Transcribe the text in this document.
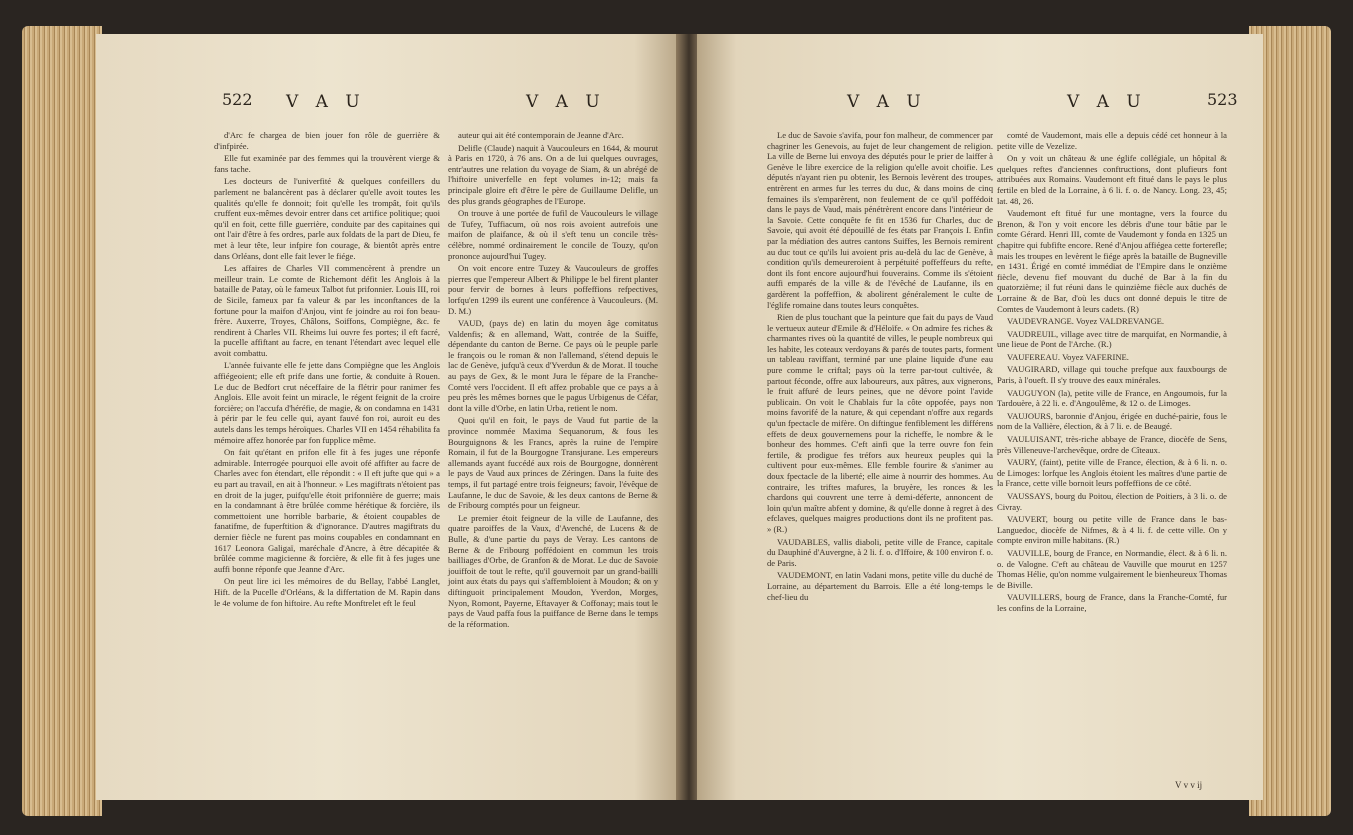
522 V A U	V A U

d'Arc fe chargea de bien jouer fon rôle de guerrière & d'infpirée.

Elle fut examinée par des femmes qui la trouvèrent vierge & fans tache.

Les docteurs de l'univerfité & quelques confeillers du parlement ne balancèrent pas à déclarer qu'elle avoit toutes les qualités qu'elle fe donnoit; foit qu'elle les trompât, foit qu'ils cruffent eux-mêmes devoir entrer dans cet artifice politique; quoi qu'il en foit, cette fille guerrière, conduite par des capitaines qui ont l'air d'être à fes ordres, parle aux foldats de la part de Dieu, fe met à leur tête, leur infpire fon courage, & bientôt après entre dans Orléans, dont elle fait lever le fiége.

Les affaires de Charles VII commencèrent à prendre un meilleur train. Le comte de Richemont défit les Anglois à la bataille de Patay, où le fameux Talbot fut prifonnier. Louis III, roi de Sicile, fameux par fa valeur & par les inconftances de la fortune pour la maifon d'Anjou, vint fe joindre au roi fon beau-frère. Auxerre, Troyes, Châlons, Soiffons, Compiègne, &c. fe rendirent à Charles VII. Rheims lui ouvre fes portes; il eft facré, la pucelle affiftant au facre, en tenant l'étendart avec lequel elle avoit combattu.

L'année fuivante elle fe jette dans Compiègne que les Anglois affiégeoient; elle eft prife dans une fortie, & conduite à Rouen. Le duc de Bedfort crut néceffaire de la flétrir pour ranimer fes Anglois. Elle avoit feint un miracle, le régent feignit de la croire forcière; on l'accufa d'héréfie, de magie, & on condamna en 1431 à périr par le feu celle qui, ayant fauvé fon roi, auroit eu des autels dans les temps héroïques. Charles VII en 1454 réhabilita fa mémoire affez honorée par fon fupplice même.

On fait qu'étant en prifon elle fit à fes juges une réponfe admirable. Interrogée pourquoi elle avoit ofé affifter au facre de Charles avec fon étendart, elle répondit : « Il eft jufte que qui » a eu part au travail, en ait à l'honneur. » Les magiftrats n'étoient pas en droit de la juger, puifqu'elle étoit prifonnière de guerre; mais en la condamnant à être brûlée comme hérétique & forcière, ils commettoient une horrible barbarie, & étoient coupables de fanatifme, de fuperftition & d'ignorance. D'autres magiftrats du dernier fiècle ne furent pas moins coupables en condamnant en 1617 Leonora Galigaï, maréchale d'Ancre, à être décapitée & brûlée comme magicienne & forcière, & elle fit à fes juges une auffi bonne réponfe que Jeanne d'Arc.

On peut lire ici les mémoires de du Bellay, l'abbé Langlet, Hift. de la Pucelle d'Orléans, & la differtation de M. Rapin dans le 4e volume de fon hiftoire. Au refte Monftrelet eft le feul

auteur qui ait été contemporain de Jeanne d'Arc.

Delifle (Claude) naquit à Vaucouleurs en 1644, & mourut à Paris en 1720, à 76 ans. On a de lui quelques ouvrages, entr'autres une relation du voyage de Siam, & un abrégé de l'hiftoire univerfelle en fept volumes in-12; mais fa principale gloire eft d'être le père de Guillaume Delifle, un des plus grands géographes de l'Europe.

On trouve à une portée de fufil de Vaucouleurs le village de Tufey, Tuffiacum, où nos rois avoient autrefois une maifon de plaifance, & où il s'eft tenu un concile très-célèbre, nommé ordinairement le concile de Touzy, qu'on prononce aujourd'hui Tugey.

On voit encore entre Tuzey & Vaucouleurs de groffes pierres que l'empereur Albert & Philippe le bel firent planter pour fervir de bornes à leurs poffeffions refpectives, lorfqu'en 1299 ils eurent une conférence à Vaucouleurs. (M. D. M.)

VAUD, (pays de) en latin du moyen âge comitatus Valdenfis; & en allemand, Watt, contrée de la Suiffe, dépendante du canton de Berne. Ce pays où le peuple parle le françois ou le roman & non l'allemand, s'étend depuis le lac de Genève, jufqu'à ceux d'Yverdun & de Morat. Il touche au pays de Gex, & le mont Jura le fépare de la Franche-Comté vers l'occident. Il eft affez probable que ce pays a à peu près les mêmes bornes que le pagus Urbigenus de Céfar, dont la ville d'Orbe, en latin Urba, retient le nom.

Quoi qu'il en foit, le pays de Vaud fut partie de la province nommée Maxima Sequanorum, & fous les Bourguignons & les Francs, après la ruine de l'empire Romain, il fut de la Bourgogne Transjurane. Les empereurs allemands ayant fuccédé aux rois de Bourgogne, donnèrent le pays de Vaud aux princes de Zéringen. Dans la fuite des temps, il fut partagé entre trois feigneurs; favoir, l'évêque de Laufanne, le duc de Savoie, & les deux cantons de Berne & de Fribourg comptés pour un feigneur.

Le premier étoit feigneur de la ville de Laufanne, des quatre paroiffes de la Vaux, d'Avenché, de Lucens & de Bulle, & d'une partie du pays de Veray. Les cantons de Berne & de Fribourg poffédoient en commun les trois bailliages d'Orbe, de Granfon & de Morat. Le duc de Savoie jouiffoit de tout le refte, qu'il gouvernoit par un grand-bailli joint aux états du pays qui s'affembloient à Moudon; & on y diftinguoit principalement Moudon, Yverdon, Morges, Nyon, Romont, Payerne, Eftavayer & Coffonay; mais tout le pays de Vaud paffa fous la puiffance de Berne dans le temps de la réformation.

V A U	V A U	523

Le duc de Savoie s'avifa, pour fon malheur, de commencer par chagriner les Genevois, au fujet de leur changement de religion. La ville de Berne lui envoya des députés pour le prier de laiffer à Genève le libre exercice de la religion qu'elle avoit choifie. Les députés n'ayant rien pu obtenir, les Bernois levèrent des troupes, entrèrent en armes fur les terres du duc, & dans moins de cinq femaines ils s'emparèrent, non feulement de ce qu'il poffédoit dans le pays de Vaud, mais pénétrèrent encore dans l'intérieur de la Savoie. Cette conquête fe fit en 1536 fur Charles, duc de Savoie, qui avoit été dépouillé de fes états par François I. Enfin par la médiation des autres cantons Suiffes, les Bernois remirent au duc tout ce qu'ils lui avoient pris au-delà du lac de Genève, à condition qu'ils demeureroient à perpétuité poffeffeurs du refte, dont ils font encore aujourd'hui fouverains. Comme ils s'étoient auffi emparés de la ville & de l'évêché de Laufanne, ils en gardèrent la poffeffion, & abolirent généralement le culte de l'églife romaine dans toutes leurs conquêtes.

Rien de plus touchant que la peinture que fait du pays de Vaud le vertueux auteur d'Emile & d'Héloïfe. « On admire fes riches & charmantes rives où la quantité de villes, le peuple nombreux qui les habite, les coteaux verdoyans & parés de toutes parts, forment un tableau raviffant, terminé par une plaine liquide d'une eau pure comme le criftal; pays où la terre par-tout cultivée, & partout féconde, offre aux laboureurs, aux pâtres, aux vignerons, le fruit affuré de leurs peines, que ne dévore point l'avide publicain. On voit le Chablais fur la côte oppofée, pays non moins favorifé de la nature, & qui cependant n'offre aux regards qu'un fpectacle de mifère. On diftingue fenfiblement les différens effets de deux gouvernemens pour la richeffe, le nombre & le bonheur des hommes. C'eft ainfi que la terre ouvre fon fein fertile, & prodigue fes tréfors aux heureux peuples qui la cultivent pour eux-mêmes. Elle femble fourire & s'animer au doux fpectacle de la liberté; elle aime à nourrir des hommes. Au contraire, les triftes mafures, la bruyère, les ronces & les chardons qui couvrent une terre à demi-déferte, annoncent de loin qu'un maître abfent y domine, & qu'elle donne à regret à des efclaves, quelques maigres productions dont ils ne profitent pas. » (R.)

VAUDABLES, vallis diaboli, petite ville de France, capitale du Dauphiné d'Auvergne, à 2 li. f. o. d'Iffoire, & 100 environ f. o. de Paris.

VAUDEMONT, en latin Vadani mons, petite ville du duché de Lorraine, au département du Barrois. Elle a été long-temps le chef-lieu du

comté de Vaudemont, mais elle a depuis cédé cet honneur à la petite ville de Vezelize.

On y voit un château & une églife collégiale, un hôpital & quelques reftes d'anciennes conftructions, dont plufieurs font attribuées aux Romains. Vaudemont eft fitué dans le pays le plus fertile en bled de la Lorraine, à 6 li. f. o. de Nancy. Long. 23, 45; lat. 48, 26.

Vaudemont eft fitué fur une montagne, vers la fource du Brenon, & l'on y voit encore les débris d'une tour bâtie par le comte Gérard. Henri III, comte de Vaudemont y fonda en 1325 un chapitre qui fubfifte encore. René d'Anjou affiégea cette forterefle; mais les troupes en levèrent le fiége après la bataille de Bugneville en 1431. Érigé en comté immédiat de l'Empire dans le onzième fiècle, devenu fief mouvant du duché de Bar à la fin du quatorzième; il fut réuni dans le quinzième fiècle aux duchés de Lorraine & de Bar, d'où les ducs ont donné depuis le titre de Comtes de Vaudemont à leurs cadets. (R)

VAUDEVRANGE. Voyez VALDREVANGE.

VAUDREUIL, village avec titre de marquifat, en Normandie, à une lieue de Pont de l'Arche. (R.)

VAUFEREAU. Voyez VAFERINE.

VAUGIRARD, village qui touche prefque aux fauxbourgs de Paris, à l'oueft. Il s'y trouve des eaux minérales.

VAUGUYON (la), petite ville de France, en Angoumois, fur la Tardouère, à 22 li. e. d'Angoulême, & 12 o. de Limoges.

VAUJOURS, baronnie d'Anjou, érigée en duché-pairie, fous le nom de la Vallière, élection, & à 7 li. e. de Beaugé.

VAULUISANT, très-riche abbaye de France, diocèfe de Sens, près Villeneuve-l'archevêque, ordre de Cîteaux.

VAURY, (faint), petite ville de France, élection, & à 6 li. n. o. de Limoges: lorfque les Anglois étoient les maîtres d'une partie de la France, cette ville bornoit leurs poffeffions de ce côté.

VAUSSAYS, bourg du Poitou, élection de Poitiers, à 3 li. o. de Civray.

VAUVERT, bourg ou petite ville de France dans le bas-Languedoc, diocèfe de Nifmes, & à 4 li. f. de cette ville. On y compte environ mille habitans. (R.)

VAUVILLE, bourg de France, en Normandie, élect. & à 6 li. n. o. de Valogne. C'eft au château de Vauville que mourut en 1257 Thomas Hélie, qu'on nomme vulgairement le bienheureux Thomas de Biville.

VAUVILLERS, bourg de France, dans la Franche-Comté, fur les confins de la Lorraine,

V v v ij
